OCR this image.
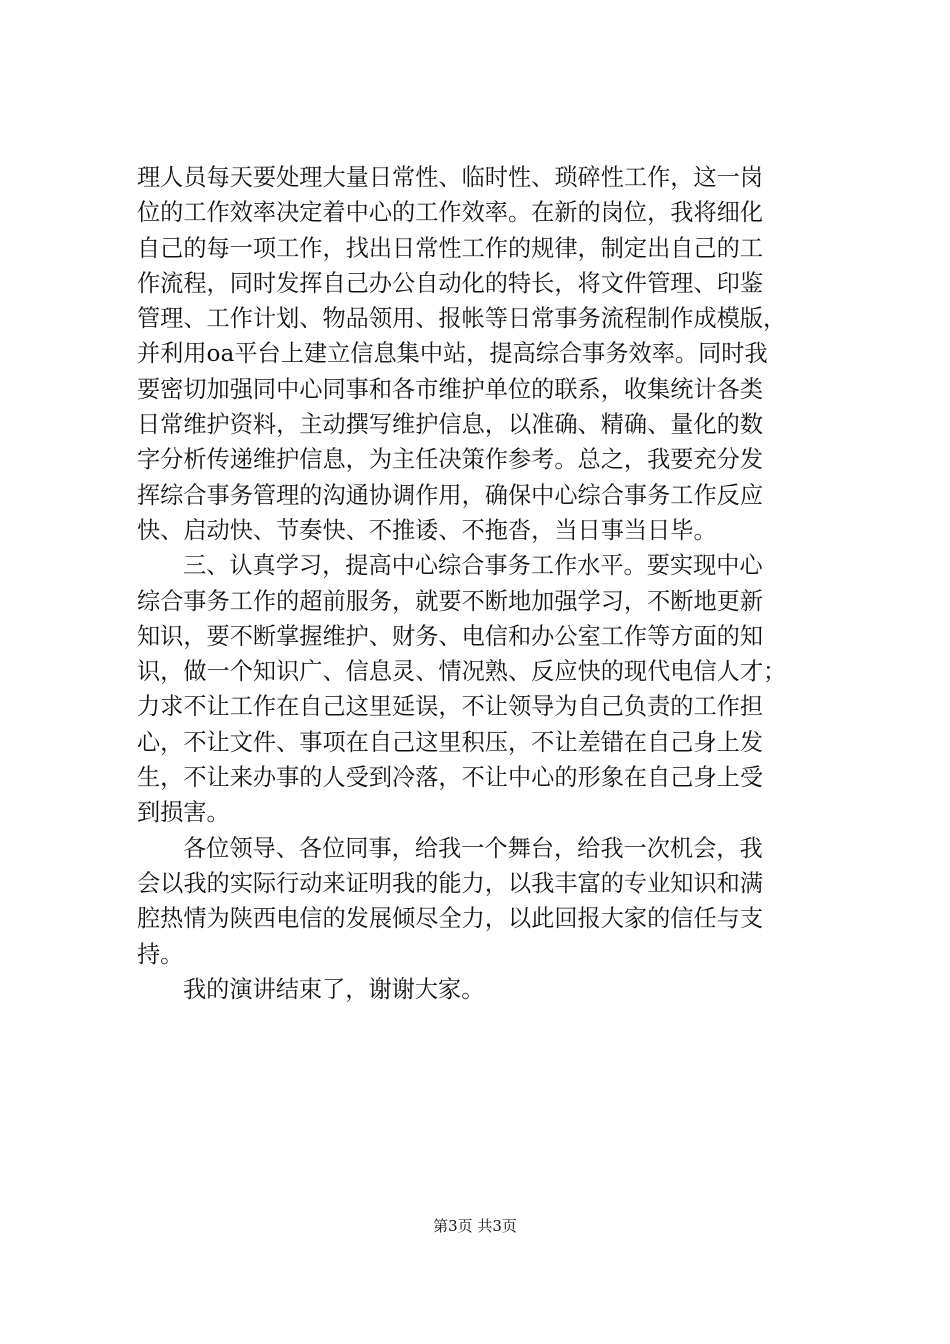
理人员每天要处理大量日常性、临时性、琐碎性工作，这一岗
位的工作效率决定着中心的工作效率。在新的岗位，我将细化
自己的每一项工作，找出日常性工作的规律，制定出自己的工
作流程，同时发挥自己办公自动化的特长，将文件管理、印鉴
管理、工作计划、物品领用、报帐等日常事务流程制作成模版，
并利用oa平台上建立信息集中站，提高综合事务效率。同时我
要密切加强同中心同事和各市维护单位的联系，收集统计各类
日常维护资料，主动撰写维护信息，以准确、精确、量化的数
字分析传递维护信息，为主任决策作参考。总之，我要充分发
挥综合事务管理的沟通协调作用，确保中心综合事务工作反应
快、启动快、节奏快、不推诿、不拖沓，当日事当日毕。
三、认真学习，提高中心综合事务工作水平。要实现中心
综合事务工作的超前服务，就要不断地加强学习，不断地更新
知识，要不断掌握维护、财务、电信和办公室工作等方面的知
识，做一个知识广、信息灵、情况熟、反应快的现代电信人才；
力求不让工作在自己这里延误，不让领导为自己负责的工作担
心，不让文件、事项在自己这里积压，不让差错在自己身上发
生，不让来办事的人受到冷落，不让中心的形象在自己身上受
到损害。
各位领导、各位同事，给我一个舞台，给我一次机会，我
会以我的实际行动来证明我的能力，以我丰富的专业知识和满
腔热情为陕西电信的发展倾尽全力，以此回报大家的信任与支
持。
我的演讲结束了，谢谢大家。
第3页 共3页
